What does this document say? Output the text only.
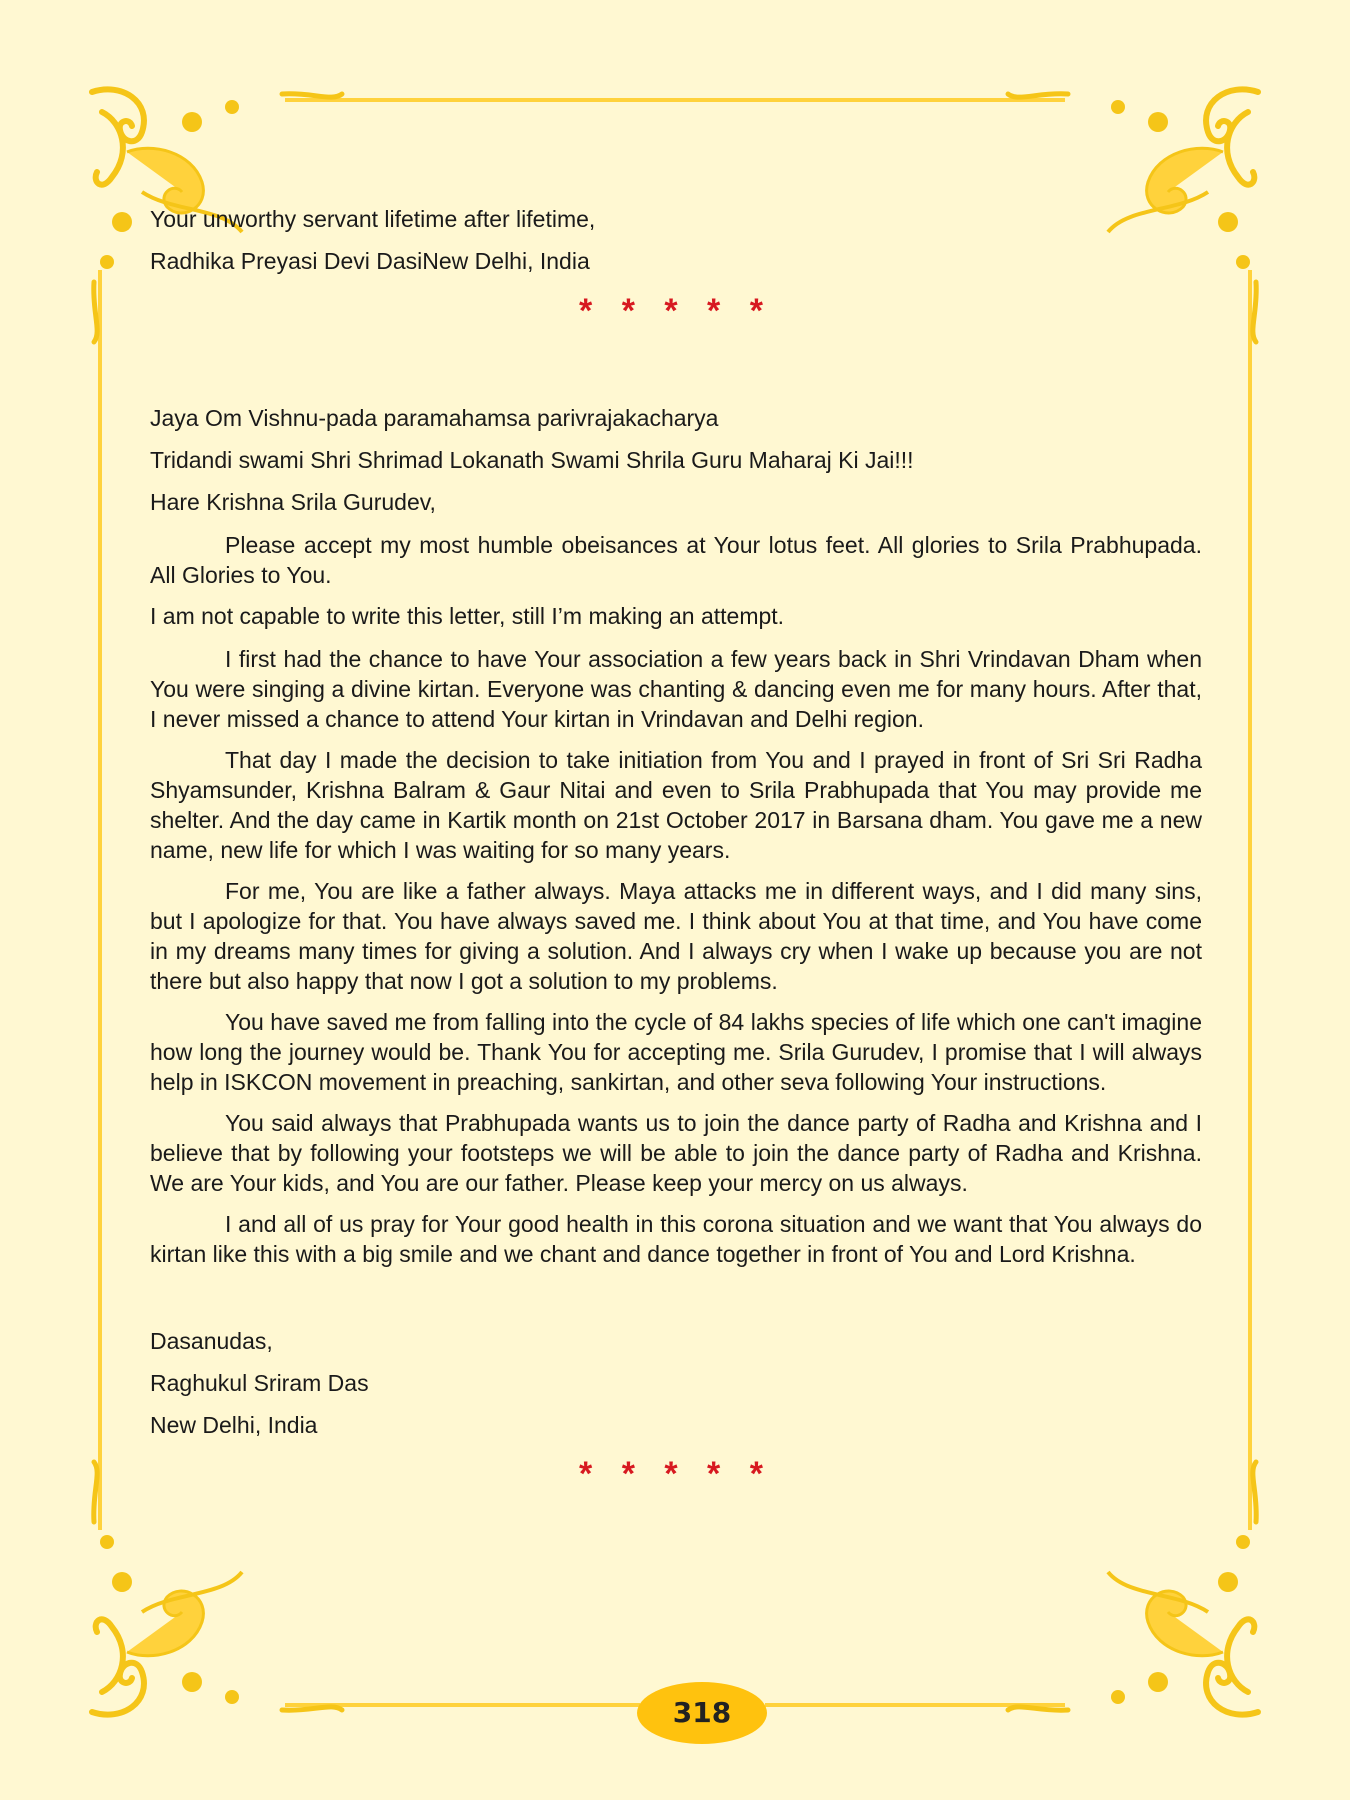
Your unworthy servant lifetime after lifetime,
Radhika Preyasi Devi DasiNew Delhi, India
* * * * *
Jaya Om Vishnu-pada paramahamsa parivrajakacharya
Tridandi swami Shri Shrimad Lokanath Swami Shrila Guru Maharaj Ki Jai!!!
Hare Krishna Srila Gurudev,
Please accept my most humble obeisances at Your lotus feet. All glories to Srila Prabhupada. All Glories to You.
I am not capable to write this letter, still I’m making an attempt.
I first had the chance to have Your association a few years back in Shri Vrindavan Dham when You were singing a divine kirtan. Everyone was chanting & dancing even me for many hours. After that, I never missed a chance to attend Your kirtan in Vrindavan and Delhi region.
That day I made the decision to take initiation from You and I prayed in front of Sri Sri Radha Shyamsunder, Krishna Balram & Gaur Nitai and even to Srila Prabhupada that You may provide me shelter. And the day came in Kartik month on 21st October 2017 in Barsana dham. You gave me a new name, new life for which I was waiting for so many years.
For me, You are like a father always. Maya attacks me in different ways, and I did many sins, but I apologize for that. You have always saved me. I think about You at that time, and You have come in my dreams many times for giving a solution. And I always cry when I wake up because you are not there but also happy that now I got a solution to my problems.
You have saved me from falling into the cycle of 84 lakhs species of life which one can't imagine how long the journey would be. Thank You for accepting me. Srila Gurudev, I promise that I will always help in ISKCON movement in preaching, sankirtan, and other seva following Your instructions.
You said always that Prabhupada wants us to join the dance party of Radha and Krishna and I believe that by following your footsteps we will be able to join the dance party of Radha and Krishna. We are Your kids, and You are our father. Please keep your mercy on us always.
I and all of us pray for Your good health in this corona situation and we want that You always do kirtan like this with a big smile and we chant and dance together in front of You and Lord Krishna.
Dasanudas,
Raghukul Sriram Das
New Delhi, India
* * * * *
318
